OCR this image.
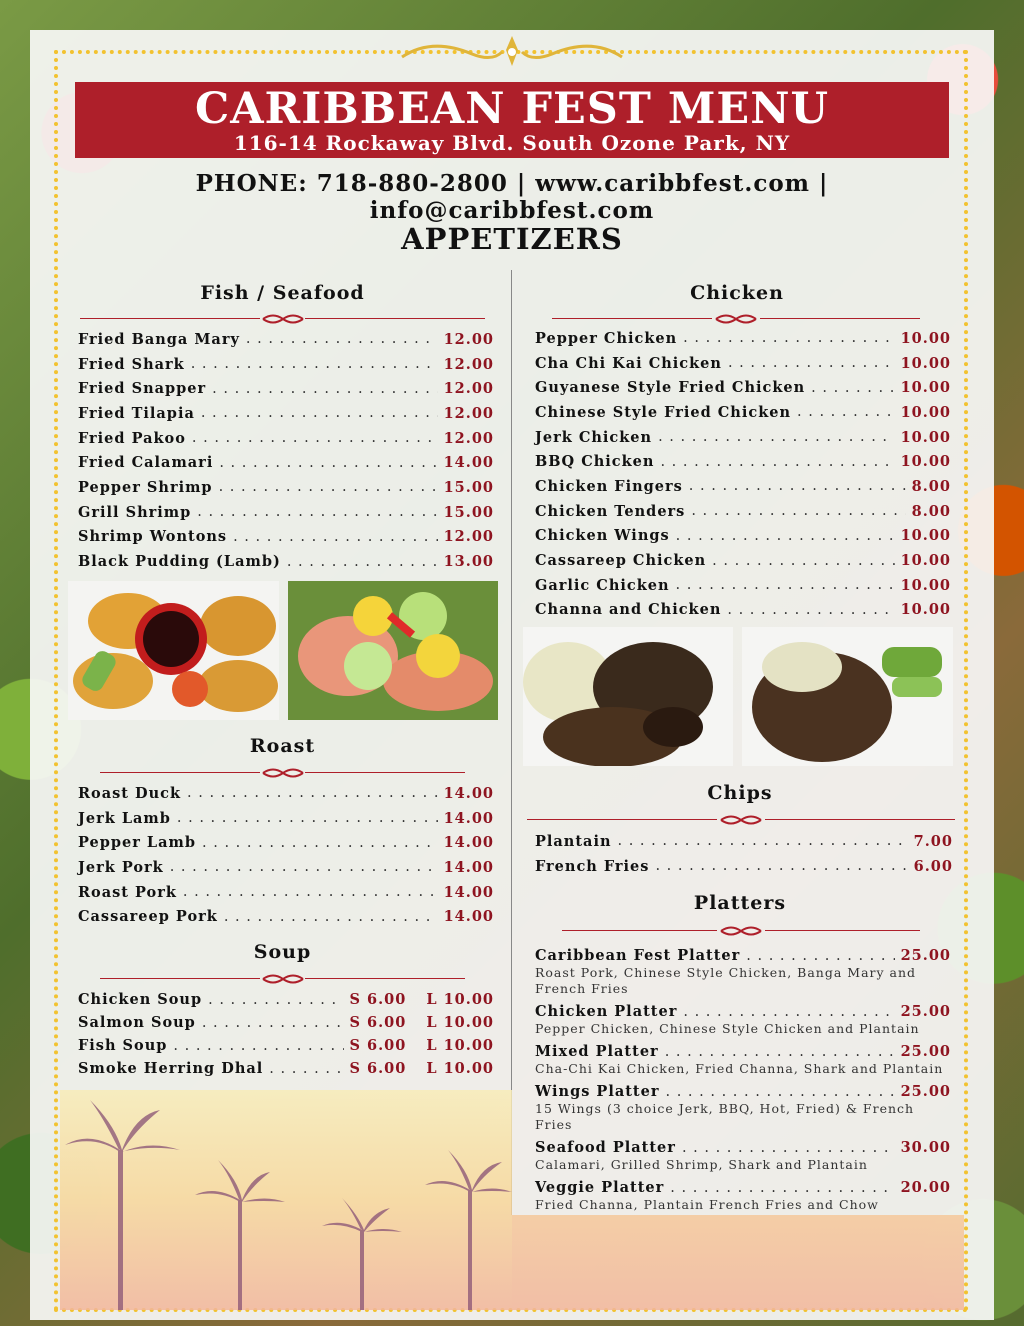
CARIBBEAN FEST MENU
116-14 Rockaway Blvd. South Ozone Park, NY
PHONE: 718-880-2800 | www.caribbfest.com | info@caribbfest.com
APPETIZERS
Fish / Seafood
Fried Banga Mary . . .	12.00
Fried Shark . . .	12.00
Fried Snapper . . .	12.00
Fried Tilapia . . .	12.00
Fried Pakoo . . .	12.00
Fried Calamari . . .	14.00
Pepper Shrimp . . .	15.00
Grill Shrimp . . .	15.00
Shrimp Wontons . . .	12.00
Black Pudding (Lamb) . . .	13.00
Roast
Roast Duck . . .	14.00
Jerk Lamb . . .	14.00
Pepper Lamb . . .	14.00
Jerk Pork . . .	14.00
Roast Pork . . .	14.00
Cassareep Pork . . .	14.00
Soup
Chicken Soup . . .	S 6.00 L 10.00
Salmon Soup . . .	S 6.00 L 10.00
Fish Soup . . .	S 6.00 L 10.00
Smoke Herring Dhal . . .	S 6.00 L 10.00
Chicken
Pepper Chicken . . .	10.00
Cha Chi Kai Chicken . . .	10.00
Guyanese Style Fried Chicken . . .	10.00
Chinese Style Fried Chicken . . .	10.00
Jerk Chicken . . .	10.00
BBQ Chicken . . .	10.00
Chicken Fingers . . .	8.00
Chicken Tenders . . .	8.00
Chicken Wings . . .	10.00
Cassareep Chicken . . .	10.00
Garlic Chicken . . .	10.00
Channa and Chicken . . .	10.00
Chips
Plantain . . .	7.00
French Fries . . .	6.00
Platters
Caribbean Fest Platter . . .	25.00
Roast Pork, Chinese Style Chicken, Banga Mary and French Fries
Chicken Platter . . .	25.00
Pepper Chicken, Chinese Style Chicken and Plantain
Mixed Platter . . .	25.00
Cha-Chi Kai Chicken, Fried Channa, Shark and Plantain
Wings Platter . . .	25.00
15 Wings (3 choice Jerk, BBQ, Hot, Fried) & French Fries
Seafood Platter . . .	30.00
Calamari, Grilled Shrimp, Shark and Plantain
Veggie Platter . . .	20.00
Fried Channa, Plantain French Fries and Chow
